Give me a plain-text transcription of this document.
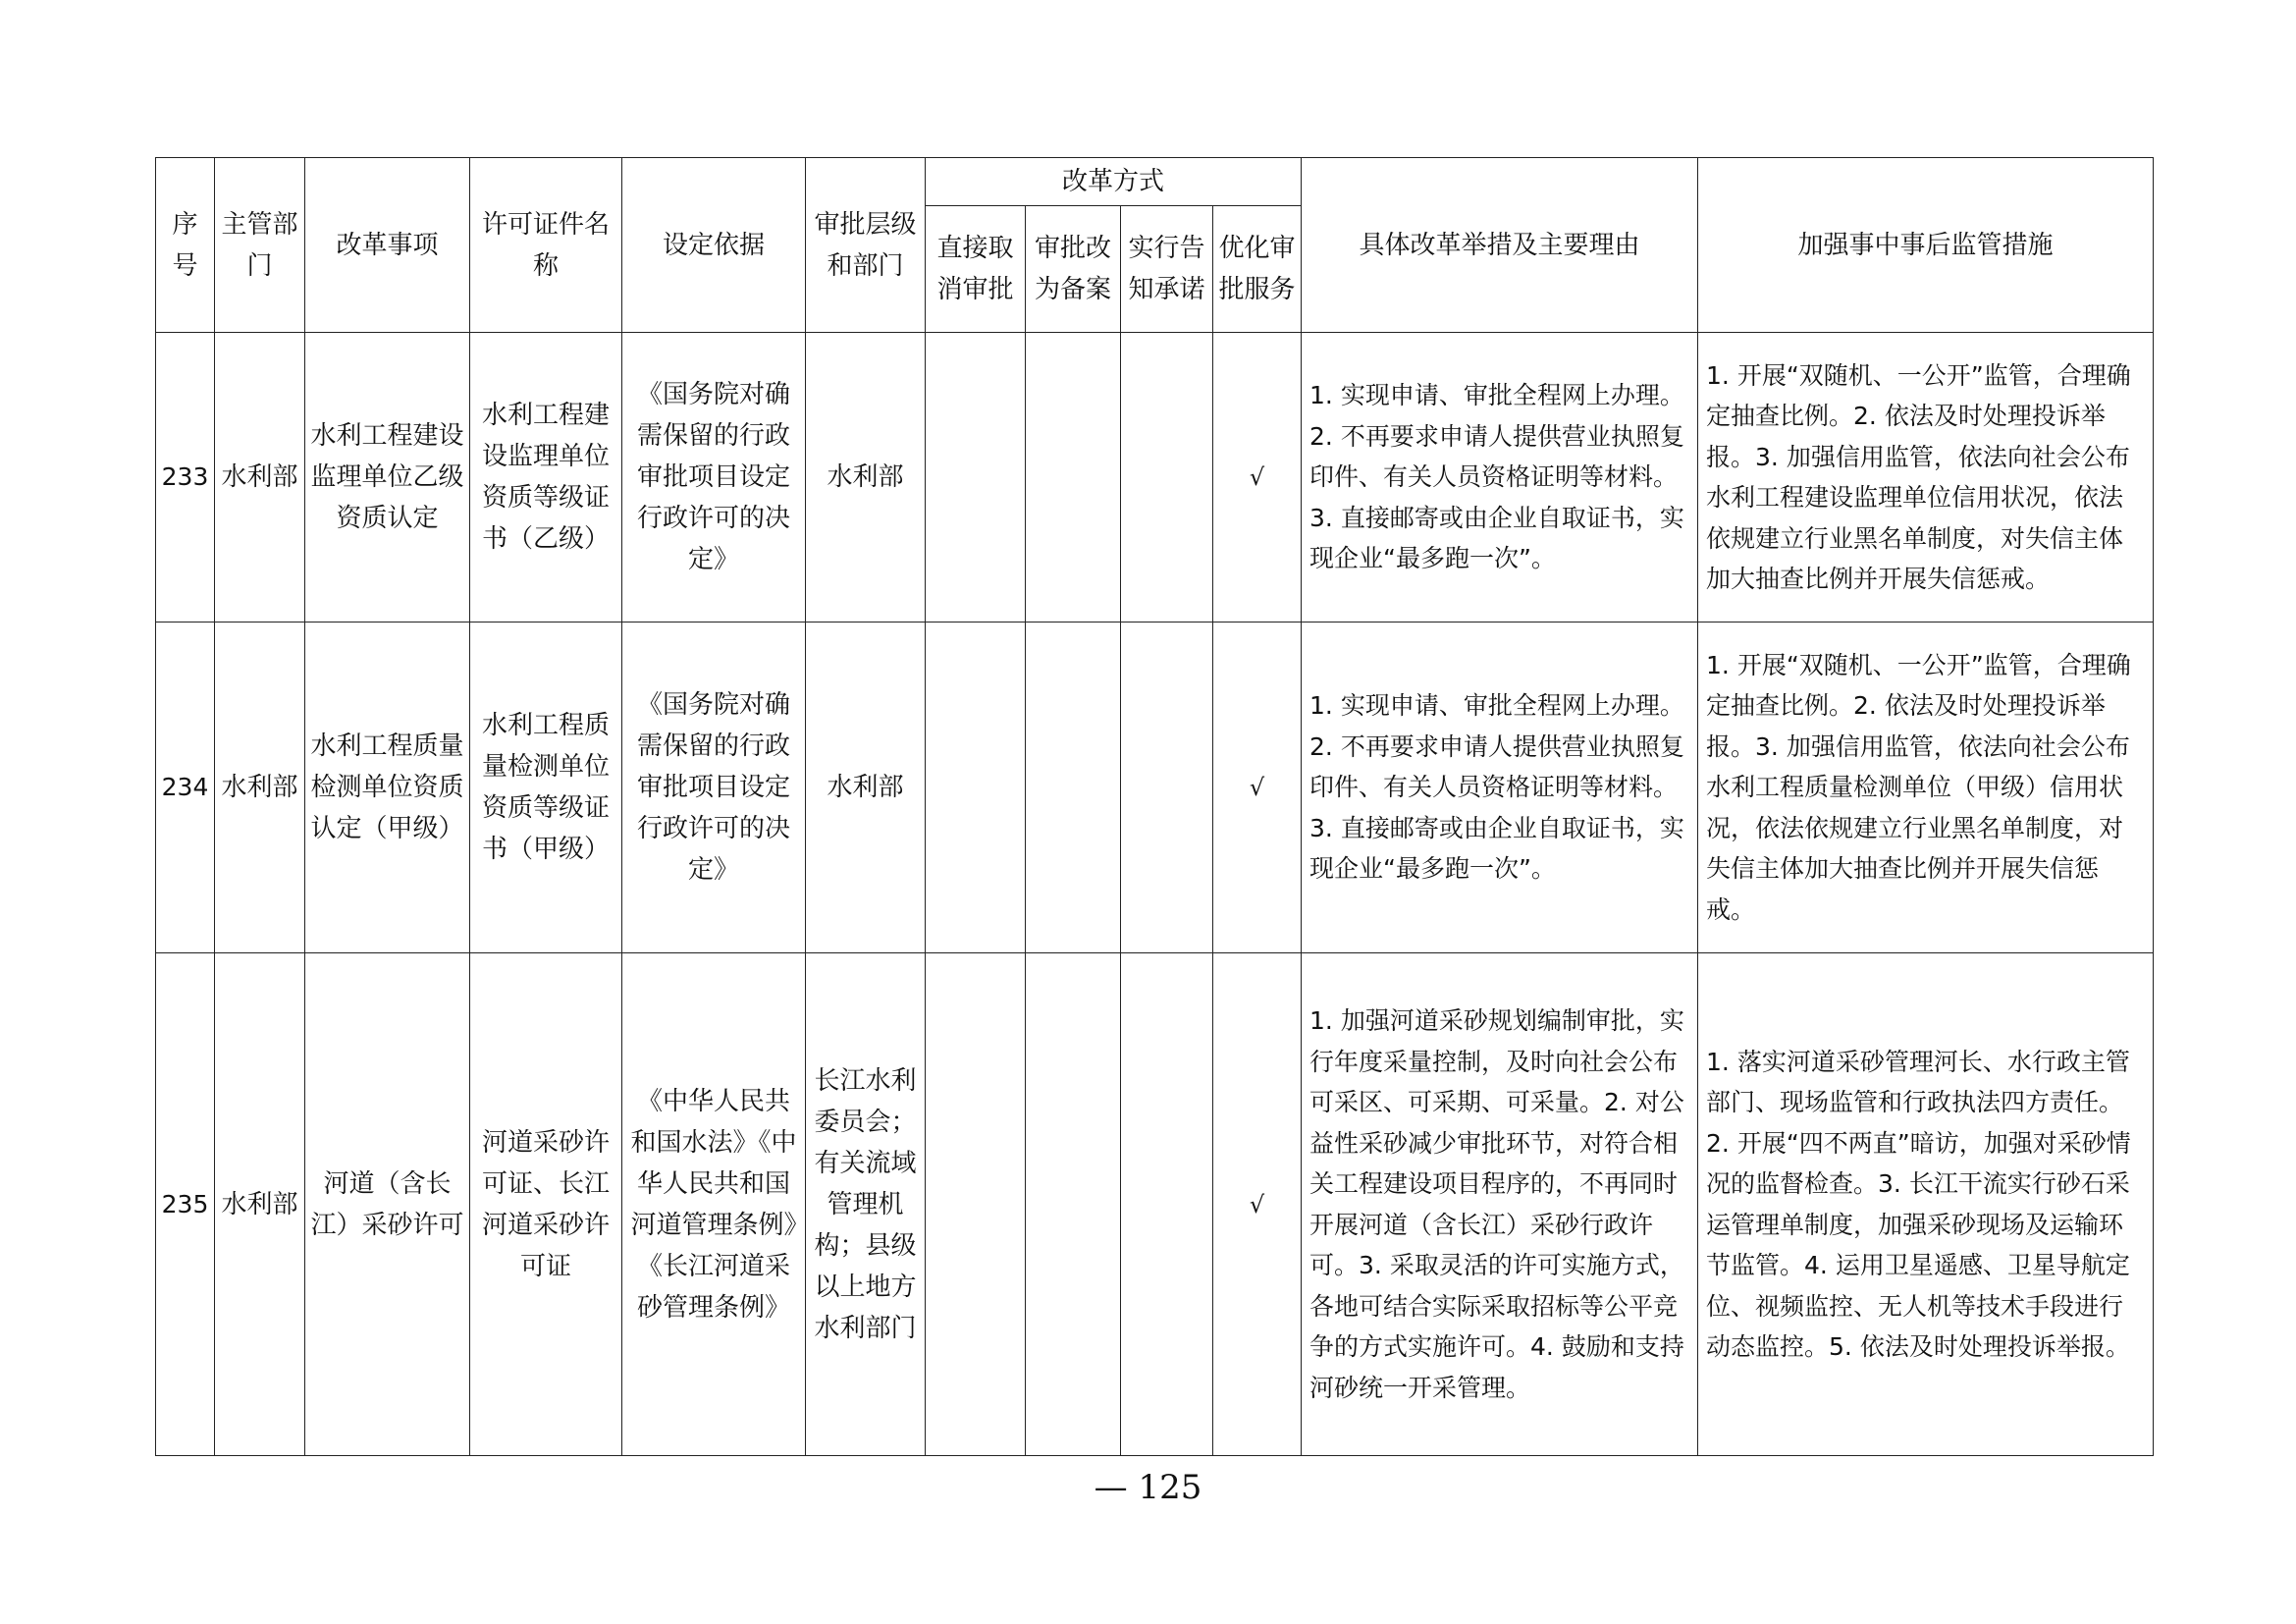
序号	主管部门	改革事项	许可证件名称	设定依据	审批层级和部门	改革方式				具体改革举措及主要理由	加强事中事后监管措施
						直接取消审批	审批改为备案	实行告知承诺	优化审批服务		
233	水利部	水利工程建设监理单位乙级资质认定	水利工程建设监理单位资质等级证书（乙级）	《国务院对确需保留的行政审批项目设定行政许可的决定》	水利部				√	1. 实现申请、审批全程网上办理。2. 不再要求申请人提供营业执照复印件、有关人员资格证明等材料。3. 直接邮寄或由企业自取证书，实现企业“最多跑一次”。	1. 开展“双随机、一公开”监管，合理确定抽查比例。2. 依法及时处理投诉举报。3. 加强信用监管，依法向社会公布水利工程建设监理单位信用状况，依法依规建立行业黑名单制度，对失信主体加大抽查比例并开展失信惩戒。
234	水利部	水利工程质量检测单位资质认定（甲级）	水利工程质量检测单位资质等级证书（甲级）	《国务院对确需保留的行政审批项目设定行政许可的决定》	水利部				√	1. 实现申请、审批全程网上办理。2. 不再要求申请人提供营业执照复印件、有关人员资格证明等材料。3. 直接邮寄或由企业自取证书，实现企业“最多跑一次”。	1. 开展“双随机、一公开”监管，合理确定抽查比例。2. 依法及时处理投诉举报。3. 加强信用监管，依法向社会公布水利工程质量检测单位（甲级）信用状况，依法依规建立行业黑名单制度，对失信主体加大抽查比例并开展失信惩戒。
235	水利部	河道（含长江）采砂许可	河道采砂许可证、长江河道采砂许可证	《中华人民共和国水法》《中华人民共和国河道管理条例》《长江河道采砂管理条例》	长江水利委员会；有关流域管理机构；县级以上地方水利部门				√	1. 加强河道采砂规划编制审批，实行年度采量控制，及时向社会公布可采区、可采期、可采量。2. 对公益性采砂减少审批环节，对符合相关工程建设项目程序的，不再同时开展河道（含长江）采砂行政许可。3. 采取灵活的许可实施方式，各地可结合实际采取招标等公平竞争的方式实施许可。4. 鼓励和支持河砂统一开采管理。	1. 落实河道采砂管理河长、水行政主管部门、现场监管和行政执法四方责任。2. 开展“四不两直”暗访，加强对采砂情况的监督检查。3. 长江干流实行砂石采运管理单制度，加强采砂现场及运输环节监管。4. 运用卫星遥感、卫星导航定位、视频监控、无人机等技术手段进行动态监控。5. 依法及时处理投诉举报。
— 125
